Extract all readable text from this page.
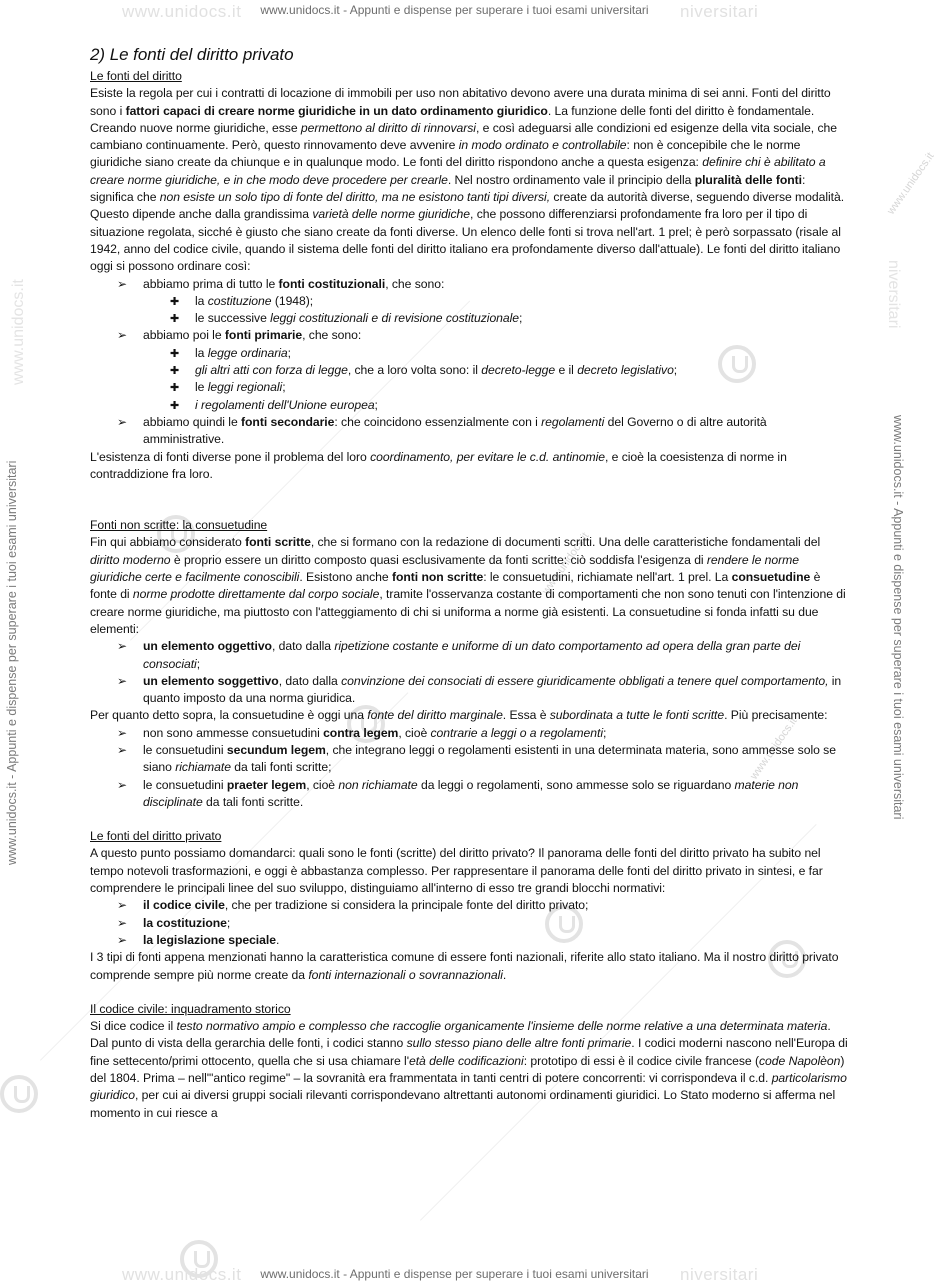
www.unidocs.it	niversitari
www.unidocs.it - Appunti e dispense per superare i tuoi esami universitari
www.unidocs.it	niversitari
www.unidocs.it - Appunti e dispense per superare i tuoi esami universitari
www.unidocs.it - Appunti e dispense per superare i tuoi esami universitari	www.unidocs.it - Appunti e dispense per superare i tuoi esami universitari
www.unidocs.it	niversitari
www.unidocs.it
www.unidocs.it
www.unidocs.it
2) Le fonti del diritto privato

Le fonti del diritto

Esiste la regola per cui i contratti di locazione di immobili per uso non abitativo devono avere una durata minima di sei anni. Fonti del diritto sono i fattori capaci di creare norme giuridiche in un dato ordinamento giuridico. La funzione delle fonti del diritto è fondamentale. Creando nuove norme giuridiche, esse permettono al diritto di rinnovarsi, e così adeguarsi alle condizioni ed esigenze della vita sociale, che cambiano continuamente. Però, questo rinnovamento deve avvenire in modo ordinato e controllabile: non è concepibile che le norme giuridiche siano create da chiunque e in qualunque modo. Le fonti del diritto rispondono anche a questa esigenza: definire chi è abilitato a creare norme giuridiche, e in che modo deve procedere per crearle. Nel nostro ordinamento vale il principio della pluralità delle fonti: significa che non esiste un solo tipo di fonte del diritto, ma ne esistono tanti tipi diversi, create da autorità diverse, seguendo diverse modalità. Questo dipende anche dalla grandissima varietà delle norme giuridiche, che possono differenziarsi profondamente fra loro per il tipo di situazione regolata, sicché è giusto che siano create da fonti diverse. Un elenco delle fonti si trova nell'art. 1 prel; è però sorpassato (risale al 1942, anno del codice civile, quando il sistema delle fonti del diritto italiano era profondamente diverso dall'attuale). Le fonti del diritto italiano oggi si possono ordinare così:

➢ abbiamo prima di tutto le fonti costituzionali, che sono:
✚ la costituzione (1948);
✚ le successive leggi costituzionali e di revisione costituzionale;
➢ abbiamo poi le fonti primarie, che sono:
✚ la legge ordinaria;
✚ gli altri atti con forza di legge, che a loro volta sono: il decreto-legge e il decreto legislativo;
✚ le leggi regionali;
✚ i regolamenti dell'Unione europea;
➢ abbiamo quindi le fonti secondarie: che coincidono essenzialmente con i regolamenti del Governo o di altre autorità amministrative.

L'esistenza di fonti diverse pone il problema del loro coordinamento, per evitare le c.d. antinomie, e cioè la coesistenza di norme in contraddizione fra loro.

Fonti non scritte: la consuetudine

Fin qui abbiamo considerato fonti scritte, che si formano con la redazione di documenti scritti. Una delle caratteristiche fondamentali del diritto moderno è proprio essere un diritto composto quasi esclusivamente da fonti scritte: ciò soddisfa l'esigenza di rendere le norme giuridiche certe e facilmente conoscibili. Esistono anche fonti non scritte: le consuetudini, richiamate nell'art. 1 prel. La consuetudine è fonte di norme prodotte direttamente dal corpo sociale, tramite l'osservanza costante di comportamenti che non sono tenuti con l'intenzione di creare norme giuridiche, ma piuttosto con l'atteggiamento di chi si uniforma a norme già esistenti. La consuetudine si fonda infatti su due elementi:

➢ un elemento oggettivo, dato dalla ripetizione costante e uniforme di un dato comportamento ad opera della gran parte dei consociati;
➢ un elemento soggettivo, dato dalla convinzione dei consociati di essere giuridicamente obbligati a tenere quel comportamento, in quanto imposto da una norma giuridica.

Per quanto detto sopra, la consuetudine è oggi una fonte del diritto marginale. Essa è subordinata a tutte le fonti scritte. Più precisamente:

➢ non sono ammesse consuetudini contra legem, cioè contrarie a leggi o a regolamenti;
➢ le consuetudini secundum legem, che integrano leggi o regolamenti esistenti in una determinata materia, sono ammesse solo se siano richiamate da tali fonti scritte;
➢ le consuetudini praeter legem, cioè non richiamate da leggi o regolamenti, sono ammesse solo se riguardano materie non disciplinate da tali fonti scritte.

Le fonti del diritto privato

A questo punto possiamo domandarci: quali sono le fonti (scritte) del diritto privato? Il panorama delle fonti del diritto privato ha subito nel tempo notevoli trasformazioni, e oggi è abbastanza complesso. Per rappresentare il panorama delle fonti del diritto privato in sintesi, e far comprendere le principali linee del suo sviluppo, distinguiamo all'interno di esso tre grandi blocchi normativi:

➢ il codice civile, che per tradizione si considera la principale fonte del diritto privato;
➢ la costituzione;
➢ la legislazione speciale.

I 3 tipi di fonti appena menzionati hanno la caratteristica comune di essere fonti nazionali, riferite allo stato italiano. Ma il nostro diritto privato comprende sempre più norme create da fonti internazionali o sovrannazionali.

Il codice civile: inquadramento storico

Si dice codice il testo normativo ampio e complesso che raccoglie organicamente l'insieme delle norme relative a una determinata materia. Dal punto di vista della gerarchia delle fonti, i codici stanno sullo stesso piano delle altre fonti primarie. I codici moderni nascono nell'Europa di fine settecento/primi ottocento, quella che si usa chiamare l'età delle codificazioni: prototipo di essi è il codice civile francese (code Napolèon) del 1804. Prima – nell'"antico regime" – la sovranità era frammentata in tanti centri di potere concorrenti: vi corrispondeva il c.d. particolarismo giuridico, per cui ai diversi gruppi sociali rilevanti corrispondevano altrettanti autonomi ordinamenti giuridici. Lo Stato moderno si afferma nel momento in cui riesce a
